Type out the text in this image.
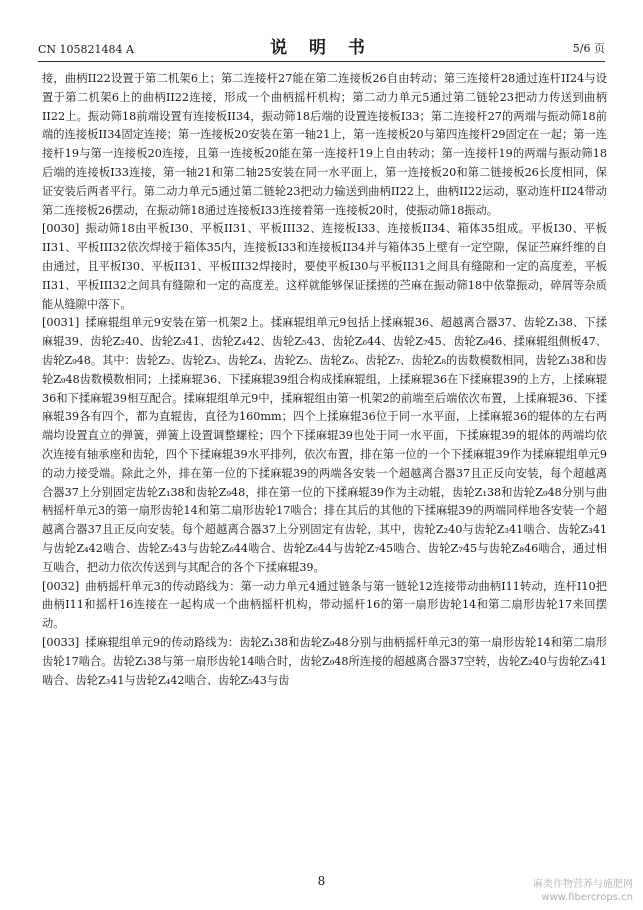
CN 105821484 A	说 明 书	5/6 页

接，曲柄II22设置于第二机架6上；第二连接杆27能在第二连接板26自由转动；第三连接杆28通过连杆II24与设置于第二机架6上的曲柄II22连接，形成一个曲柄摇杆机构；第二动力单元5通过第二链轮23把动力传送到曲柄II22上。振动筛18前端设置有连接板II34，振动筛18后端的设置连接板I33；第二连接杆27的两端与振动筛18前端的连接板II34固定连接；第一连接板20安装在第一轴21上，第一连接板20与第四连接杆29固定在一起；第一连接杆19与第一连接板20连接，且第一连接板20能在第一连接杆19上自由转动；第一连接杆19的两端与振动筛18后端的连接板I33连接，第一轴21和第二轴25安装在同一水平面上，第一连接板20和第二链接板26长度相同，保证安装后两者平行。第二动力单元5通过第二链轮23把动力输送到曲柄II22上，曲柄II22运动，驱动连杆II24带动第二连接板26摆动，在振动筛18通过连接板I33连接着第一连接板20时，使振动筛18振动。

[0030] 振动筛18由平板I30、平板II31、平板III32、连接板I33、连接板II34、箱体35组成。平板I30、平板II31、平板III32依次焊接于箱体35内，连接板I33和连接板II34并与箱体35上壁有一定空隙，保证苎麻纤维的自由通过，且平板I30、平板II31、平板III32焊接时，要使平板I30与平板II31之间具有缝隙和一定的高度差，平板II31、平板III32之间具有缝隙和一定的高度差。这样就能够保证揉搓的苎麻在振动筛18中依靠振动，碎屑等杂质能从缝隙中落下。

[0031] 揉麻辊组单元9安装在第一机架2上。揉麻辊组单元9包括上揉麻辊36、超越离合器37、齿轮Z₁38、下揉麻辊39、齿轮Z₂40、齿轮Z₃41、齿轮Z₄42、齿轮Z₅43、齿轮Z₆44、齿轮Z₇45、齿轮Z₈46、揉麻辊组侧板47、齿轮Z₉48。其中：齿轮Z₂、齿轮Z₃、齿轮Z₄、齿轮Z₅、齿轮Z₆、齿轮Z₇、齿轮Z₈的齿数模数相同，齿轮Z₁38和齿轮Z₉48齿数模数相同；上揉麻辊36、下揉麻辊39组合构成揉麻辊组，上揉麻辊36在下揉麻辊39的上方，上揉麻辊36和下揉麻辊39相互配合。揉麻辊组单元9中，揉麻辊组由第一机架2的前端至后端依次布置，上揉麻辊36、下揉麻辊39各有四个，都为直辊齿，直径为160mm；四个上揉麻辊36位于同一水平面，上揉麻辊36的辊体的左右两端均设置直立的弹簧，弹簧上设置调整螺栓；四个下揉麻辊39也处于同一水平面，下揉麻辊39的辊体的两端均依次连接有轴承座和齿轮，四个下揉麻辊39水平排列，依次布置，排在第一位的一个下揉麻辊39作为揉麻辊组单元9的动力接受端。除此之外，排在第一位的下揉麻辊39的两端各安装一个超越离合器37且正反向安装，每个超越离合器37上分别固定齿轮Z₁38和齿轮Z₉48，排在第一位的下揉麻辊39作为主动辊，齿轮Z₁38和齿轮Z₉48分别与曲柄摇杆单元3的第一扇形齿轮14和第二扇形齿轮17啮合；排在其后的其他的下揉麻辊39的两端同样地各安装一个超越离合器37且正反向安装。每个超越离合器37上分别固定有齿轮，其中，齿轮Z₂40与齿轮Z₃41啮合、齿轮Z₃41与齿轮Z₄42啮合、齿轮Z₅43与齿轮Z₆44啮合、齿轮Z₆44与齿轮Z₇45啮合、齿轮Z₇45与齿轮Z₈46啮合，通过相互啮合，把动力依次传送到与其配合的各个下揉麻辊39。

[0032] 曲柄摇杆单元3的传动路线为：第一动力单元4通过链条与第一链轮12连接带动曲柄I11转动，连杆I10把曲柄I11和摇杆16连接在一起构成一个曲柄摇杆机构，带动摇杆16的第一扇形齿轮14和第二扇形齿轮17来回摆动。

[0033] 揉麻辊组单元9的传动路线为：齿轮Z₁38和齿轮Z₉48分别与曲柄摇杆单元3的第一扇形齿轮14和第二扇形齿轮17啮合。齿轮Z₁38与第一扇形齿轮14啮合时，齿轮Z₉48所连接的超越离合器37空转，齿轮Z₂40与齿轮Z₃41啮合、齿轮Z₃41与齿轮Z₄42啮合、齿轮Z₅43与齿

8	麻类作物营养与施肥网
www.fibercrops.cn
